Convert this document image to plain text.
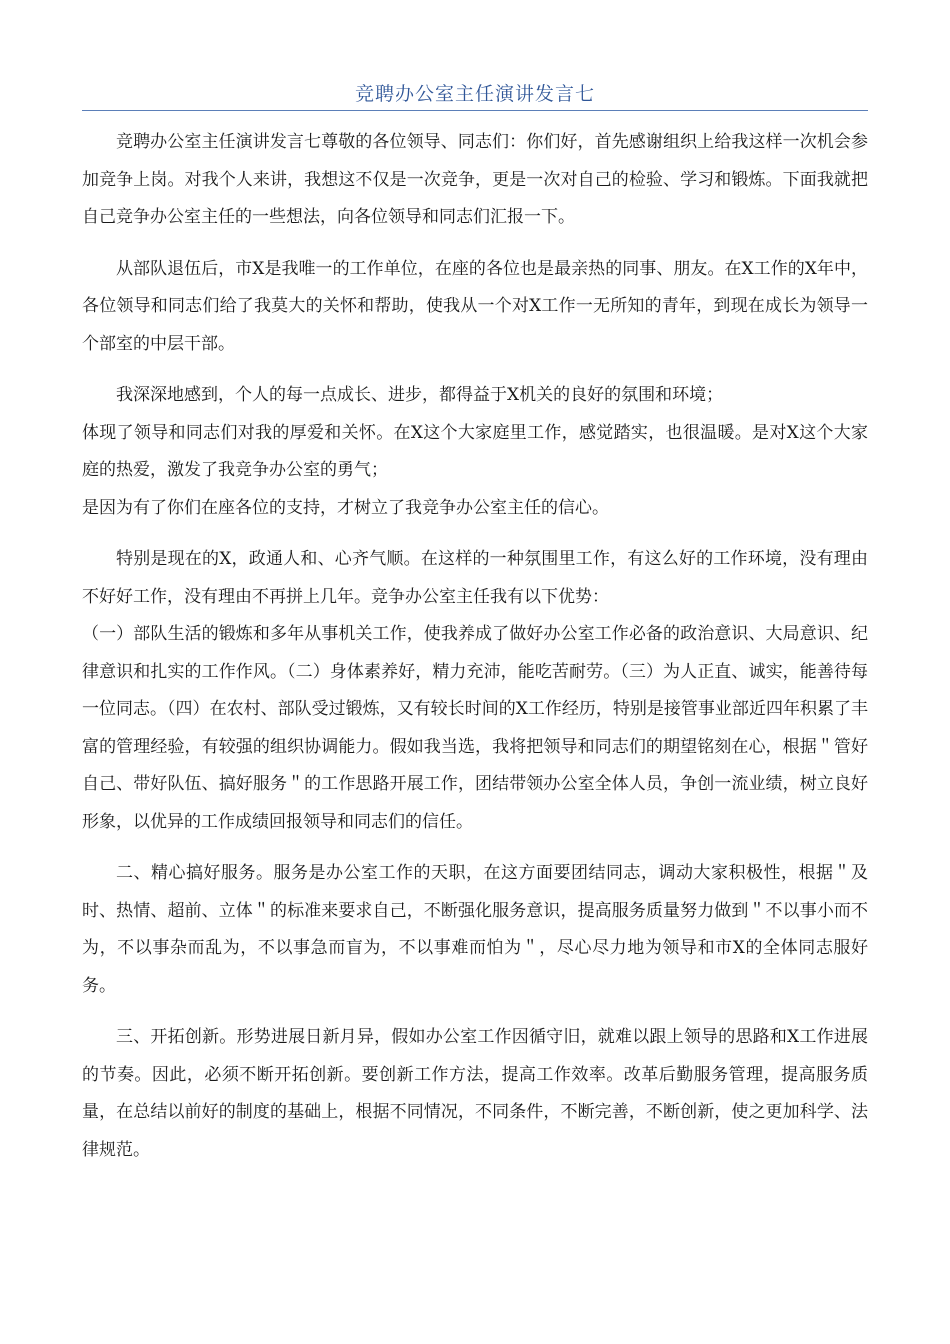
竞聘办公室主任演讲发言七

竞聘办公室主任演讲发言七尊敬的各位领导、同志们：你们好，首先感谢组织上给我这样一次机会参加竞争上岗。对我个人来讲，我想这不仅是一次竞争，更是一次对自己的检验、学习和锻炼。下面我就把自己竞争办公室主任的一些想法，向各位领导和同志们汇报一下。

从部队退伍后，市X是我唯一的工作单位，在座的各位也是最亲热的同事、朋友。在X工作的X年中，各位领导和同志们给了我莫大的关怀和帮助，使我从一个对X工作一无所知的青年，到现在成长为领导一个部室的中层干部。

我深深地感到，个人的每一点成长、进步，都得益于X机关的良好的氛围和环境；
体现了领导和同志们对我的厚爱和关怀。在X这个大家庭里工作，感觉踏实，也很温暖。是对X这个大家庭的热爱，激发了我竞争办公室的勇气；
是因为有了你们在座各位的支持，才树立了我竞争办公室主任的信心。
特别是现在的X，政通人和、心齐气顺。在这样的一种氛围里工作，有这么好的工作环境，没有理由不好好工作，没有理由不再拼上几年。竞争办公室主任我有以下优势：
（一）部队生活的锻炼和多年从事机关工作，使我养成了做好办公室工作必备的政治意识、大局意识、纪律意识和扎实的工作作风。（二）身体素养好，精力充沛，能吃苦耐劳。（三）为人正直、诚实，能善待每一位同志。（四）在农村、部队受过锻炼，又有较长时间的X工作经历，特别是接管事业部近四年积累了丰富的管理经验，有较强的组织协调能力。假如我当选，我将把领导和同志们的期望铭刻在心，根据＂管好自己、带好队伍、搞好服务＂的工作思路开展工作，团结带领办公室全体人员，争创一流业绩，树立良好形象，以优异的工作成绩回报领导和同志们的信任。

二、精心搞好服务。服务是办公室工作的天职，在这方面要团结同志，调动大家积极性，根据＂及时、热情、超前、立体＂的标准来要求自己，不断强化服务意识，提高服务质量努力做到＂不以事小而不为，不以事杂而乱为，不以事急而盲为，不以事难而怕为＂，尽心尽力地为领导和市X的全体同志服好务。

三、开拓创新。形势进展日新月异，假如办公室工作因循守旧，就难以跟上领导的思路和X工作进展的节奏。因此，必须不断开拓创新。要创新工作方法，提高工作效率。改革后勤服务管理，提高服务质量，在总结以前好的制度的基础上，根据不同情况，不同条件，不断完善，不断创新，使之更加科学、法律规范。
